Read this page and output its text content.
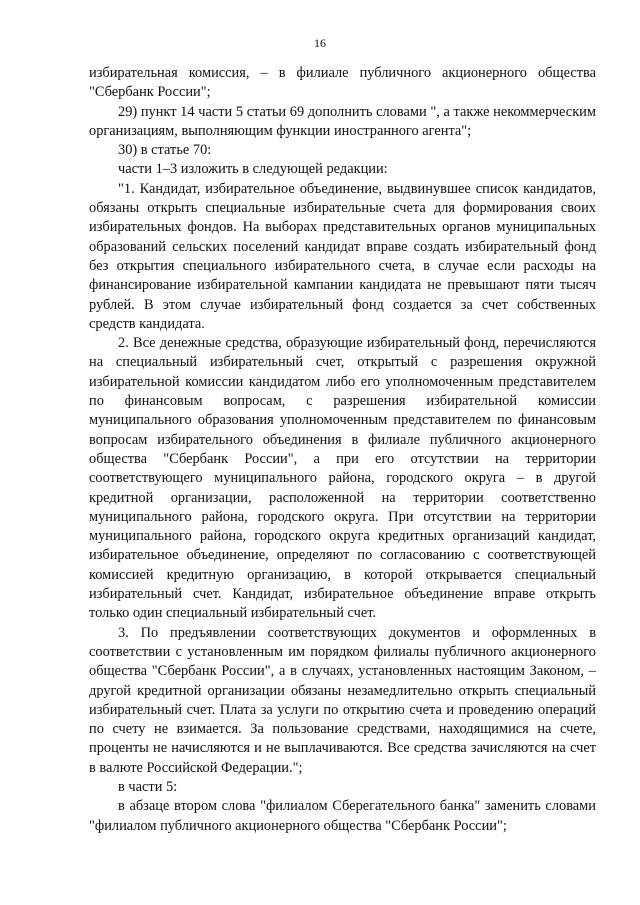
16

избирательная комиссия, – в филиале публичного акционерного общества "Сбербанк России";

29) пункт 14 части 5 статьи 69 дополнить словами ", а также некоммерческим организациям, выполняющим функции иностранного агента";

30) в статье 70:

части 1–3 изложить в следующей редакции:

"1. Кандидат, избирательное объединение, выдвинувшее список кандидатов, обязаны открыть специальные избирательные счета для формирования своих избирательных фондов. На выборах представительных органов муниципальных образований сельских поселений кандидат вправе создать избирательный фонд без открытия специального избирательного счета, в случае если расходы на финансирование избирательной кампании кандидата не превышают пяти тысяч рублей. В этом случае избирательный фонд создается за счет собственных средств кандидата.

2. Все денежные средства, образующие избирательный фонд, перечисляются на специальный избирательный счет, открытый с разрешения окружной избирательной комиссии кандидатом либо его уполномоченным представителем по финансовым вопросам, с разрешения избирательной комиссии муниципального образования уполномоченным представителем по финансовым вопросам избирательного объединения в филиале публичного акционерного общества "Сбербанк России", а при его отсутствии на территории соответствующего муниципального района, городского округа – в другой кредитной организации, расположенной на территории соответственно муниципального района, городского округа. При отсутствии на территории муниципального района, городского округа кредитных организаций кандидат, избирательное объединение, определяют по согласованию с соответствующей комиссией кредитную организацию, в которой открывается специальный избирательный счет. Кандидат, избирательное объединение вправе открыть только один специальный избирательный счет.

3. По предъявлении соответствующих документов и оформленных в соответствии с установленным им порядком филиалы публичного акционерного общества "Сбербанк России", а в случаях, установленных настоящим Законом, – другой кредитной организации обязаны незамедлительно открыть специальный избирательный счет. Плата за услуги по открытию счета и проведению операций по счету не взимается. За пользование средствами, находящимися на счете, проценты не начисляются и не выплачиваются. Все средства зачисляются на счет в валюте Российской Федерации.";

в части 5:

в абзаце втором слова "филиалом Сберегательного банка" заменить словами "филиалом публичного акционерного общества "Сбербанк России";
